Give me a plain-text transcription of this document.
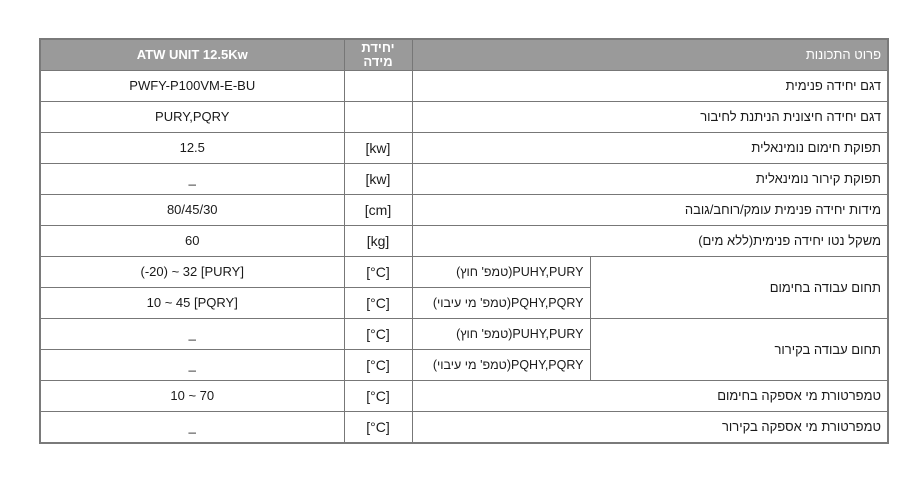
ATW UNIT 12.5Kw	יחידת מידה	פרוט התכונות	
PWFY-P100VM-E-BU		דגם יחידה פנימית	
PURY,PQRY		דגם יחידה חיצונית הניתנת לחיבור	
12.5	[kw]	תפוקת חימום נומינאלית	
_	[kw]	תפוקת קירור נומינאלית	
80/45/30	[cm]	מידות יחידה פנימית עומק/רוחב/גובה	
60	[kg]	משקל נטו יחידה פנימית(ללא מים)	
(-20) ~ 32 [PURY]	[°C]	PUHY,PURY(טמפ' חוץ)	תחום עבודה בחימום
10 ~ 45 [PQRY]	[°C]	PQHY,PQRY(טמפ' מי עיבוי)	
_	[°C]	PUHY,PURY(טמפ' חוץ)	תחום עבודה בקירור
_	[°C]	PQHY,PQRY(טמפ' מי עיבוי)	
10 ~ 70	[°C]	טמפרטורת מי אספקה בחימום	
_	[°C]	טמפרטורת מי אספקה בקירור	
